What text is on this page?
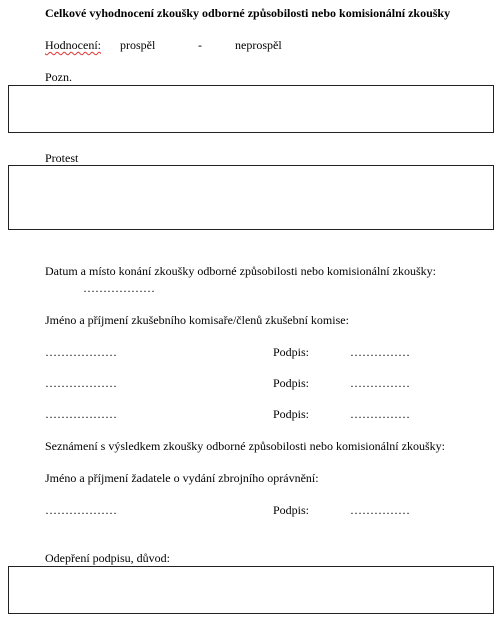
Celkové vyhodnocení zkoušky odborné způsobilosti nebo komisionální zkoušky
Hodnocení: prospěl	-	neprospěl
Pozn.
Protest
Datum a místo konání zkoušky odborné způsobilosti nebo komisionální zkoušky:
………………
Jméno a příjmení zkušebního komisaře/členů zkušební komise:
………………	Podpis:	……………
………………	Podpis:	……………
………………	Podpis:	……………
Seznámení s výsledkem zkoušky odborné způsobilosti nebo komisionální zkoušky:
Jméno a příjmení žadatele o vydání zbrojního oprávnění:
………………	Podpis:	……………
Odepření podpisu, důvod:
